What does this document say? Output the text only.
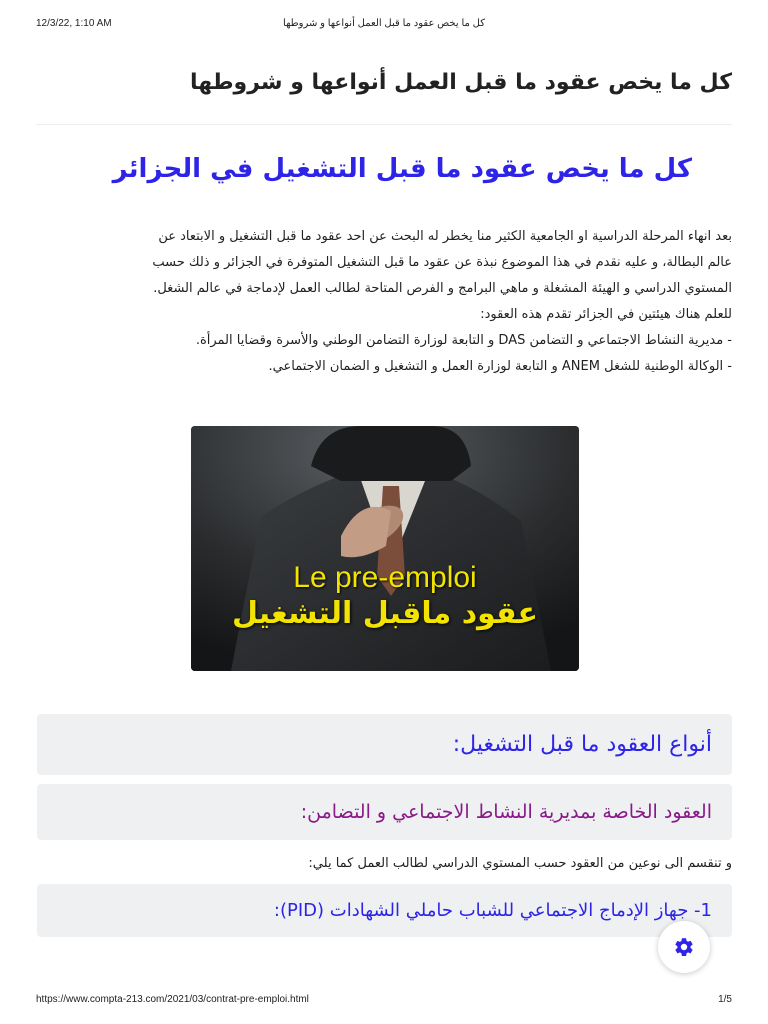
12/3/22, 1:10 AM	كل ما يخص عقود ما قبل العمل أنواعها و شروطها
كل ما يخص عقود ما قبل العمل أنواعها و شروطها
كل ما يخص عقود ما قبل التشغيل في الجزائر

بعد انهاء المرحلة الدراسية او الجامعية الكثير منا يخطر له البحث عن احد عقود ما قبل التشغيل و الابتعاد عن

عالم البطالة، و عليه نقدم في هذا الموضوع نبذة عن عقود ما قبل التشغيل المتوفرة في الجزائر و ذلك حسب

المستوي الدراسي و الهيئة المشغلة و ماهي البرامج و الفرص المتاحة لطالب العمل لإدماجة في عالم الشغل.

للعلم هناك هيئتين في الجزائر تقدم هذه العقود:

- مديرية النشاط الاجتماعي و التضامن DAS و التابعة لوزارة التضامن الوطني والأسرة وقضايا المرأة.

- الوكالة الوطنية للشغل ANEM و التابعة لوزارة العمل و التشغيل و الضمان الاجتماعي.

Le pre-emploi
عقود ماقبل التشغيل
أنواع العقود ما قبل التشغيل:
العقود الخاصة بمديرية النشاط الاجتماعي و التضامن:

و تنقسم الى نوعين من العقود حسب المستوي الدراسي لطالب العمل كما يلي:

1- جهاز الإدماج الاجتماعي للشباب حاملي الشهادات (PID):
https://www.compta-213.com/2021/03/contrat-pre-emploi.html	1/5
